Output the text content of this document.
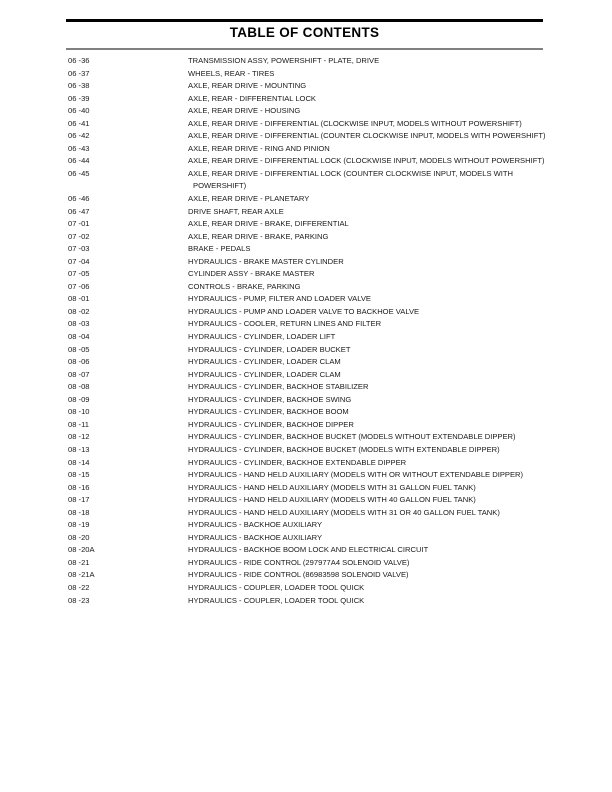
TABLE OF CONTENTS
06 -36	TRANSMISSION ASSY, POWERSHIFT - PLATE, DRIVE
06 -37	WHEELS, REAR - TIRES
06 -38	AXLE, REAR DRIVE - MOUNTING
06 -39	AXLE, REAR - DIFFERENTIAL LOCK
06 -40	AXLE, REAR DRIVE - HOUSING
06 -41	AXLE, REAR DRIVE - DIFFERENTIAL (CLOCKWISE INPUT, MODELS WITHOUT POWERSHIFT)
06 -42	AXLE, REAR DRIVE - DIFFERENTIAL (COUNTER CLOCKWISE INPUT, MODELS WITH POWERSHIFT)
06 -43	AXLE, REAR DRIVE - RING AND PINION
06 -44	AXLE, REAR DRIVE - DIFFERENTIAL LOCK (CLOCKWISE INPUT, MODELS WITHOUT POWERSHIFT)
06 -45	AXLE, REAR DRIVE - DIFFERENTIAL LOCK (COUNTER CLOCKWISE INPUT, MODELS WITH POWERSHIFT)
06 -46	AXLE, REAR DRIVE - PLANETARY
06 -47	DRIVE SHAFT, REAR AXLE
07 -01	AXLE, REAR DRIVE - BRAKE, DIFFERENTIAL
07 -02	AXLE, REAR DRIVE - BRAKE, PARKING
07 -03	BRAKE - PEDALS
07 -04	HYDRAULICS - BRAKE MASTER CYLINDER
07 -05	CYLINDER ASSY - BRAKE MASTER
07 -06	CONTROLS - BRAKE, PARKING
08 -01	HYDRAULICS - PUMP, FILTER AND LOADER VALVE
08 -02	HYDRAULICS - PUMP AND LOADER VALVE TO BACKHOE VALVE
08 -03	HYDRAULICS - COOLER, RETURN LINES AND FILTER
08 -04	HYDRAULICS - CYLINDER, LOADER LIFT
08 -05	HYDRAULICS - CYLINDER, LOADER BUCKET
08 -06	HYDRAULICS - CYLINDER, LOADER CLAM
08 -07	HYDRAULICS - CYLINDER, LOADER CLAM
08 -08	HYDRAULICS - CYLINDER, BACKHOE STABILIZER
08 -09	HYDRAULICS - CYLINDER, BACKHOE SWING
08 -10	HYDRAULICS - CYLINDER, BACKHOE BOOM
08 -11	HYDRAULICS - CYLINDER, BACKHOE DIPPER
08 -12	HYDRAULICS - CYLINDER, BACKHOE BUCKET (MODELS WITHOUT EXTENDABLE DIPPER)
08 -13	HYDRAULICS - CYLINDER, BACKHOE BUCKET (MODELS WITH EXTENDABLE DIPPER)
08 -14	HYDRAULICS - CYLINDER, BACKHOE EXTENDABLE DIPPER
08 -15	HYDRAULICS - HAND HELD AUXILIARY (MODELS WITH OR WITHOUT EXTENDABLE DIPPER)
08 -16	HYDRAULICS - HAND HELD AUXILIARY (MODELS WITH 31 GALLON FUEL TANK)
08 -17	HYDRAULICS - HAND HELD AUXILIARY (MODELS WITH 40 GALLON FUEL TANK)
08 -18	HYDRAULICS - HAND HELD AUXILIARY (MODELS WITH 31 OR 40 GALLON FUEL TANK)
08 -19	HYDRAULICS - BACKHOE AUXILIARY
08 -20	HYDRAULICS - BACKHOE AUXILIARY
08 -20A	HYDRAULICS - BACKHOE BOOM LOCK AND ELECTRICAL CIRCUIT
08 -21	HYDRAULICS - RIDE CONTROL (297977A4 SOLENOID VALVE)
08 -21A	HYDRAULICS - RIDE CONTROL (86983598 SOLENOID VALVE)
08 -22	HYDRAULICS - COUPLER, LOADER TOOL QUICK
08 -23	HYDRAULICS - COUPLER, LOADER TOOL QUICK
